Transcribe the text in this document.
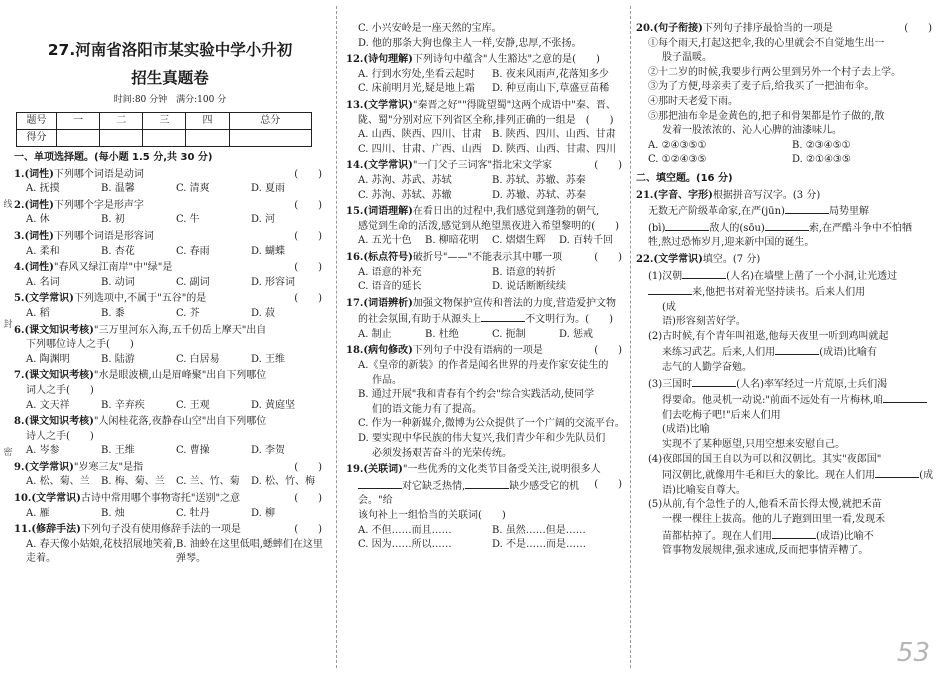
线
封
密
27.河南省洛阳市某实验中学小升初
招生真题卷
时间:80 分钟　满分:100 分
题号	一	二	三	四	总分
得分					
一、单项选择题。(每小题 1.5 分,共 30 分)
1.(词性)下列哪个词语是动词	(　　)
A. 抚摸	B. 温馨	C. 清爽	D. 夏雨
2.(词性)下列哪个字是形声字	(　　)
A. 休	B. 初	C. 牛	D. 河
3.(词性)下列哪个词语是形容词	(　　)
A. 柔和	B. 杏花	C. 春雨	D. 蝴蝶
4.(词性)"春风又绿江南岸"中"绿"是	(　　)
A. 名词	B. 动词	C. 副词	D. 形容词
5.(文学常识)下列选项中,不属于"五谷"的是	(　　)
A. 稻	B. 黍	C. 芥	D. 菽
6.(课文知识考核)"三万里河东入海,五千仞岳上摩天"出自
下列哪位诗人之手(　　)
A. 陶渊明	B. 陆游	C. 白居易	D. 王维
7.(课文知识考核)"水是眼波横,山是眉峰聚"出自下列哪位
词人之手(　　)
A. 文天祥	B. 辛弃疾	C. 王观	D. 黄庭坚
8.(课文知识考核)"人闲桂花落,夜静春山空"出自下列哪位
诗人之手(　　)
A. 岑参	B. 王维	C. 曹操	D. 李贺
9.(文学常识)"岁寒三友"是指	(　　)
A. 松、菊、兰	B. 梅、菊、兰	C. 兰、竹、菊	D. 松、竹、梅
10.(文学常识)古诗中常用哪个事物寄托"送别"之意	(　　)
A. 雁	B. 烛	C. 牡丹	D. 柳
11.(修辞手法)下列句子没有使用修辞手法的一项是	(　　)
A. 春天像小姑娘,花枝招展地笑着,走着。
B. 油蛉在这里低唱,蟋蟀们在这里弹琴。
C. 小兴安岭是一座天然的宝库。
D. 他的那条大狗也像主人一样,安静,忠厚,不张扬。
12.(诗句理解)下列诗句中蕴含"人生豁达"之意的是(　　)
A. 行到水穷处,坐看云起时	B. 夜来风雨声,花落知多少
C. 床前明月光,疑是地上霜	D. 种豆南山下,草盛豆苗稀
13.(文学常识)"秦晋之好""得陇望蜀"这两个成语中"秦、晋、
陇、蜀"分别对应下列省区全称,排列正确的一组是　(　　)
A. 山西、陕西、四川、甘肃	B. 陕西、四川、山西、甘肃
C. 四川、甘肃、广西、山西	D. 陕西、山西、甘肃、四川
14.(文学常识)"一门父子三词客"指北宋文学家	(　　)
A. 苏洵、苏武、苏轼	B. 苏轼、苏辙、苏秦
C. 苏洵、苏轼、苏辙	D. 苏辙、苏轼、苏秦
15.(词语理解)在看日出的过程中,我们感觉到蓬勃的朝气,
感觉到生命的活泼,感觉到从绝望黑夜进入希望黎明的(　　)
A. 五光十色	B. 柳暗花明	C. 熠熠生辉	D. 百转千回
16.(标点符号)破折号"——"不能表示其中哪一项	(　　)
A. 语意的补充	B. 语意的转折
C. 语音的延长	D. 说话断断续续
17.(词语辨析)加强文物保护宣传和普法的力度,营造爱护文物
的社会氛围,有助于从源头上	不文明行为。(　　)
A. 制止	B. 杜绝	C. 扼制	D. 惩戒
18.(病句修改)下列句子中没有语病的一项是	(　　)
A.《皇帝的新装》的作者是闻名世界的丹麦作家安徒生的
作品。
B. 通过开展"我和青春有个约会"综合实践活动,使同学
们的语文能力有了提高。
C. 作为一种新媒介,微博为公众提供了一个广阔的交流平台。
D. 要实现中华民族的伟大复兴,我们青少年和少先队员们
必须发扬艰苦奋斗的光荣传统。
19.(关联词)"一些优秀的文化类节目备受关注,说明很多人
(　　)
对它缺乏热情,	缺少感受它的机会。"给
该句补上一组恰当的关联词(　　)
A. 不但……而且……	B. 虽然……但是……
C. 因为……所以……	D. 不是……而是……
20.(句子衔接)下列句子排序最恰当的一项是	(　　)
①每个雨天,打起这把伞,我的心里就会不自觉地生出一
股子温暖。
②十二岁的时候,我要步行两公里到另外一个村子去上学。
③为了方便,母亲卖了麦子后,给我买了一把油布伞。
④那时天老爱下雨。
⑤那把油布伞是金黄色的,把子和骨架都是竹子做的,散
发着一股浓浓的、沁人心脾的油漆味儿。
A. ②④③⑤①	B. ②③④⑤①
C. ①②④③⑤	D. ②①④③⑤
二、填空题。(16 分)
21.(字音、字形)根据拼音写汉字。(3 分)
无数无产阶级革命家,在严(jūn)	局势里解
(bì)	敌人的(sōu)	索,在严酷斗争中不怕牺
牲,熬过恐怖岁月,迎来新中国的诞生。
22.(文学常识)填空。(7 分)
(1)汉朝	(人名)在墙壁上凿了一个小洞,让光透过来,他把书对着光坚持读书。后来人们用
(成
语)形容刻苦好学。
(2)古时候,有个青年叫祖逖,他每天夜里一听到鸡叫就起
来练习武艺。后来,人们用	(成语)比喻有
志气的人勤学奋勉。
(3)三国时	(人名)率军经过一片荒原,士兵们渴
得要命。他灵机一动说:"前面不远处有一片梅林,咱们去吃梅子吧!"后来人们用
(成语)比喻
实现不了某种愿望,只用空想来安慰自己。
(4)夜郎国的国王自以为可以和汉朝比。其实"夜郎国"
同汉朝比,就像用牛毛和巨大的象比。现在人们用	(成语)比喻妄自尊大。
(5)从前,有个急性子的人,他看禾苗长得太慢,就把禾苗
一棵一棵往上拔高。他的儿子跑到田里一看,发现禾
苗都枯掉了。现在人们用	(成语)比喻不
管事物发展规律,强求速成,反而把事情弄糟了。
53
